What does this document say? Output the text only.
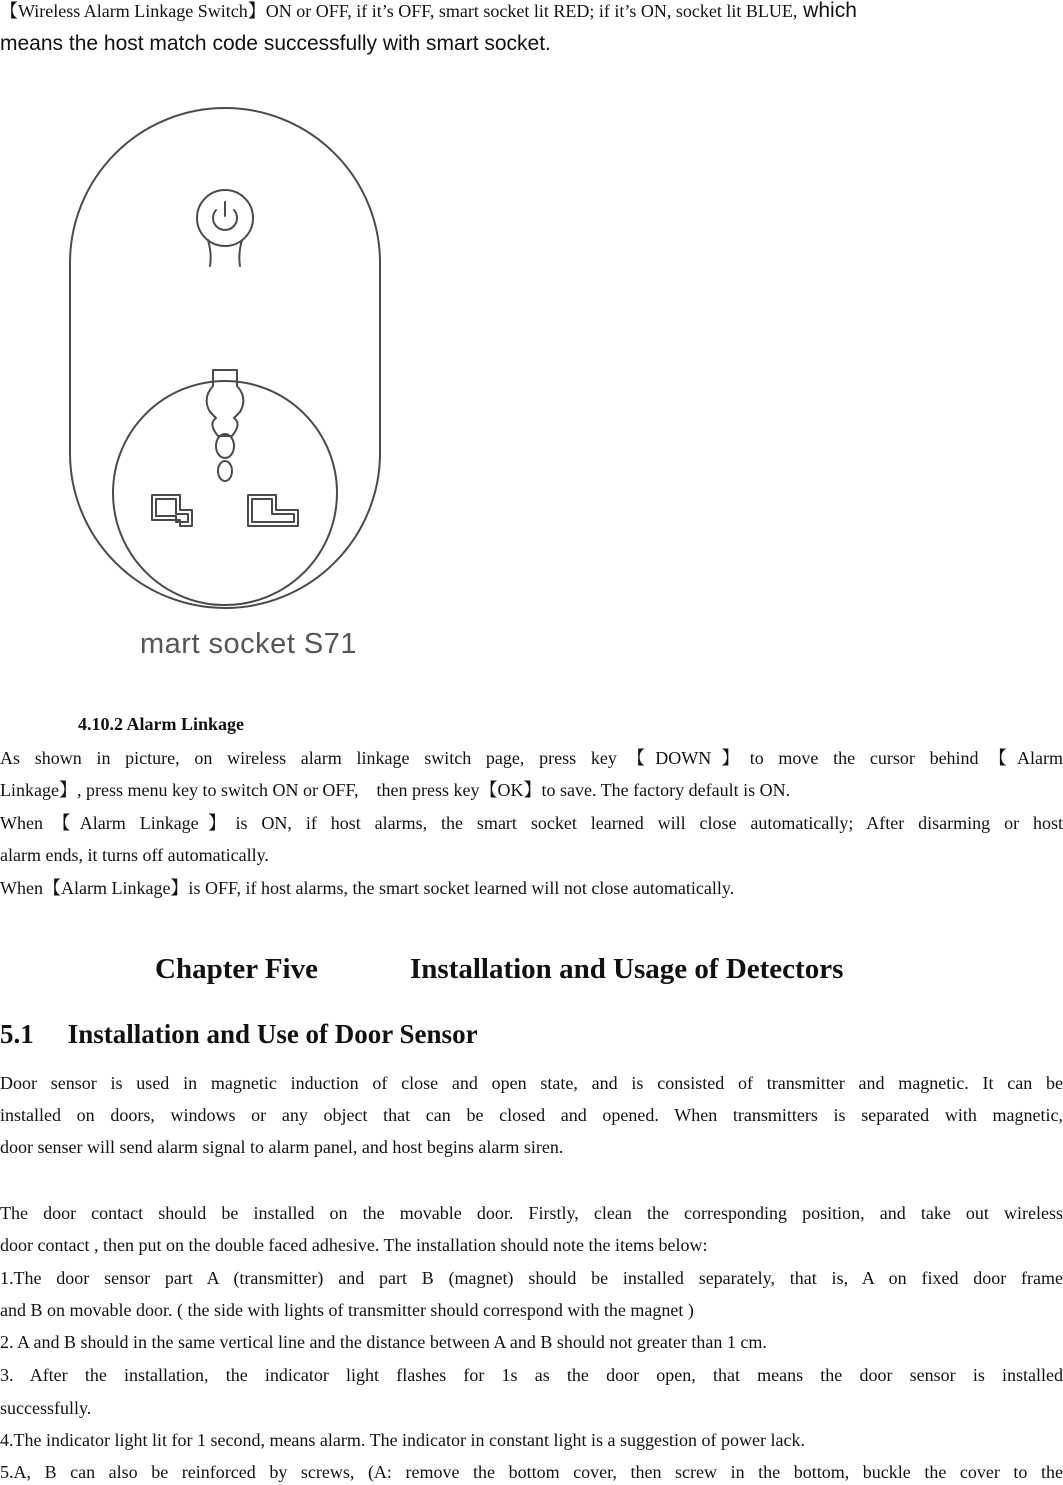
【Wireless Alarm Linkage Switch】ON or OFF, if it’s OFF, smart socket lit RED; if it’s ON, socket lit BLUE, which
means the host match code successfully with smart socket.
mart socket S71
4.10.2 Alarm Linkage
As shown in picture, on wireless alarm linkage switch page, press key【DOWN】to move the cursor behind【Alarm
Linkage】, press menu key to switch ON or OFF,    then press key【OK】to save. The factory default is ON.
When【Alarm Linkage】is ON, if host alarms, the smart socket learned will close automatically; After disarming or host
alarm ends, it turns off automatically.
When【Alarm Linkage】is OFF, if host alarms, the smart socket learned will not close automatically.
Chapter Five	Installation and Usage of Detectors
5.1 Installation and Use of Door Sensor
Door sensor is used in magnetic induction of close and open state, and is consisted of transmitter and magnetic. It can be
installed on doors, windows or any object that can be closed and opened. When transmitters is separated with magnetic,
door senser will send alarm signal to alarm panel, and host begins alarm siren.
The door contact should be installed on the movable door. Firstly, clean the corresponding position, and take out wireless
door contact , then put on the double faced adhesive. The installation should note the items below:
1.The door sensor part A (transmitter) and part B (magnet) should be installed separately, that is, A on fixed door frame
and B on movable door. ( the side with lights of transmitter should correspond with the magnet )
2. A and B should in the same vertical line and the distance between A and B should not greater than 1 cm.
3. After the installation, the indicator light flashes for 1s as the door open, that means the door sensor is installed
successfully.
4.The indicator light lit for 1 second, means alarm. The indicator in constant light is a suggestion of power lack.
5.A, B can also be reinforced by screws, (A: remove the bottom cover, then screw in the bottom, buckle the cover to the
